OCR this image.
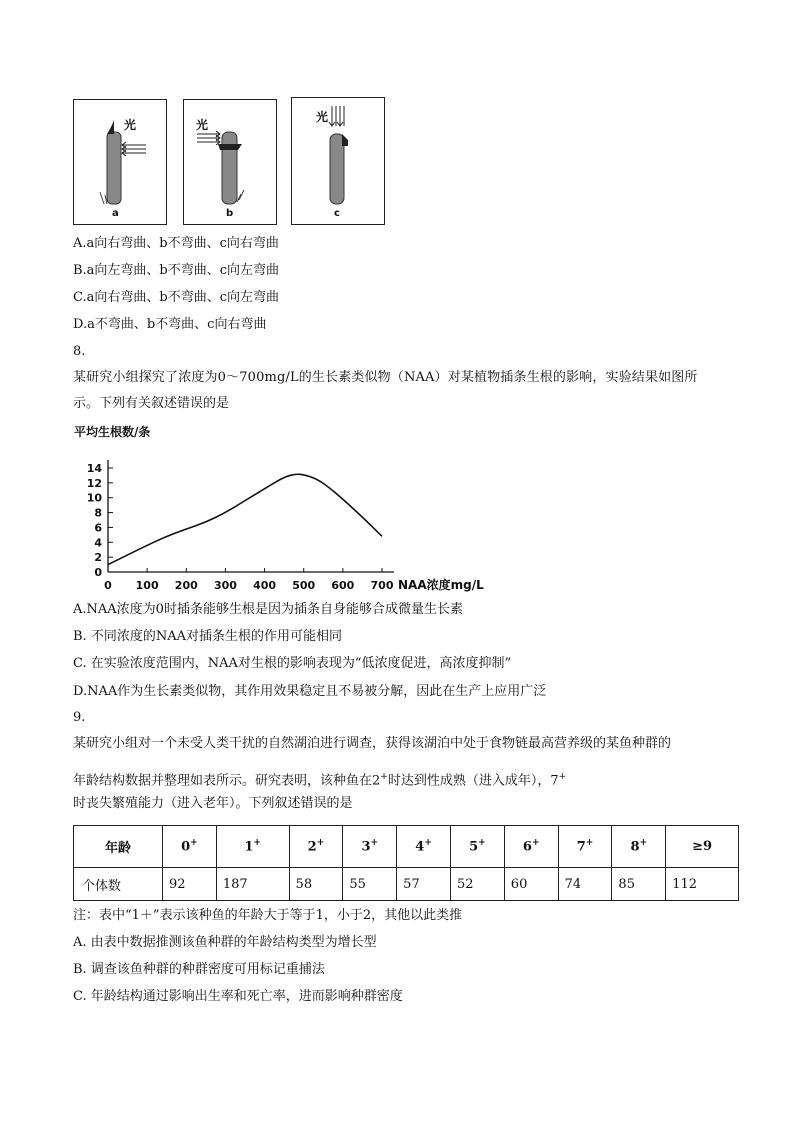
光
a
光
b
光
c
A.a向右弯曲、b不弯曲、c向右弯曲
B.a向左弯曲、b不弯曲、c向左弯曲
C.a向右弯曲、b不弯曲、c向左弯曲
D.a不弯曲、b不弯曲、c向右弯曲
8.
某研究小组探究了浓度为0～700mg/L的生长素类似物（NAA）对某植物插条生根的影响，实验结果如图所
示。下列有关叙述错误的是
平均生根数/条
NAA浓度mg/L
0
2
4
6
8
10
12
14
0 100 200 300 400 500 600 700
A.NAA浓度为0时插条能够生根是因为插条自身能够合成微量生长素
B. 不同浓度的NAA对插条生根的作用可能相同
C. 在实验浓度范围内，NAA对生根的影响表现为“低浓度促进，高浓度抑制”
D.NAA作为生长素类似物，其作用效果稳定且不易被分解，因此在生产上应用广泛
9.
某研究小组对一个未受人类干扰的自然湖泊进行调查，获得该湖泊中处于食物链最高营养级的某鱼种群的
年龄结构数据并整理如表所示。研究表明，该种鱼在2+时达到性成熟（进入成年），7+
时丧失繁殖能力（进入老年）。下列叙述错误的是
年龄	0+	1+	2+	3+	4+	5+	6+	7+	8+	≥9
个体数	92	187	58	55	57	52	60	74	85	112
注：表中“1＋”表示该种鱼的年龄大于等于1，小于2，其他以此类推
A. 由表中数据推测该鱼种群的年龄结构类型为增长型
B. 调查该鱼种群的种群密度可用标记重捕法
C. 年龄结构通过影响出生率和死亡率，进而影响种群密度
